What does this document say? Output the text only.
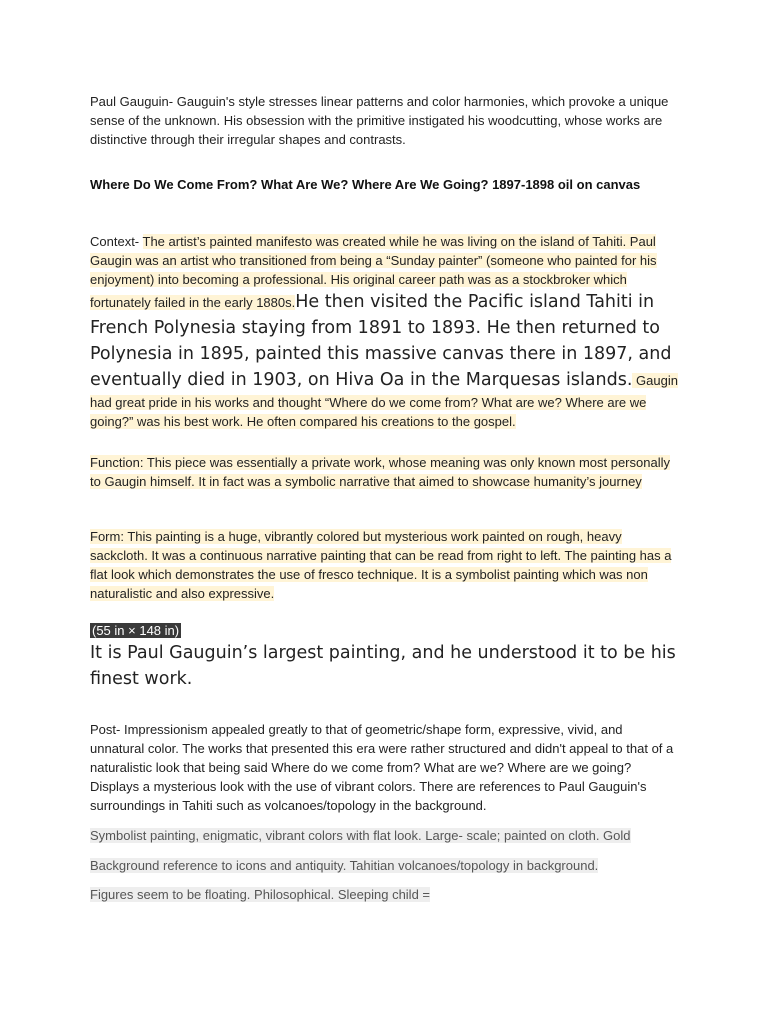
Paul Gauguin- Gauguin's style stresses linear patterns and color harmonies, which provoke a unique sense of the unknown. His obsession with the primitive instigated his woodcutting, whose works are distinctive through their irregular shapes and contrasts.
Where Do We Come From? What Are We? Where Are We Going? 1897-1898 oil on canvas
Context- The artist’s painted manifesto was created while he was living on the island of Tahiti. Paul Gaugin was an artist who transitioned from being a “Sunday painter” (someone who painted for his enjoyment) into becoming a professional. His original career path was as a stockbroker which fortunately failed in the early 1880s.He then visited the Pacific island Tahiti in French Polynesia staying from 1891 to 1893. He then returned to Polynesia in 1895, painted this massive canvas there in 1897, and eventually died in 1903, on Hiva Oa in the Marquesas islands. Gaugin had great pride in his works and thought “Where do we come from? What are we? Where are we going?” was his best work. He often compared his creations to the gospel.
Function: This piece was essentially a private work, whose meaning was only known most personally to Gaugin himself. It in fact was a symbolic narrative that aimed to showcase humanity’s journey
Form: This painting is a huge, vibrantly colored but mysterious work painted on rough, heavy sackcloth. It was a continuous narrative painting that can be read from right to left. The painting has a flat look which demonstrates the use of fresco technique. It is a symbolist painting which was non naturalistic and also expressive.
(55 in × 148 in)
It is Paul Gauguin’s largest painting, and he understood it to be his finest work.
Post- Impressionism appealed greatly to that of geometric/shape form, expressive, vivid, and unnatural color. The works that presented this era were rather structured and didn't appeal to that of a naturalistic look that being said Where do we come from? What are we? Where are we going? Displays a mysterious look with the use of vibrant colors. There are references to Paul Gauguin's surroundings in Tahiti such as volcanoes/topology in the background.
Symbolist painting, enigmatic, vibrant colors with flat look. Large- scale; painted on cloth. Gold
Background reference to icons and antiquity. Tahitian volcanoes/topology in background.
Figures seem to be floating. Philosophical. Sleeping child =
